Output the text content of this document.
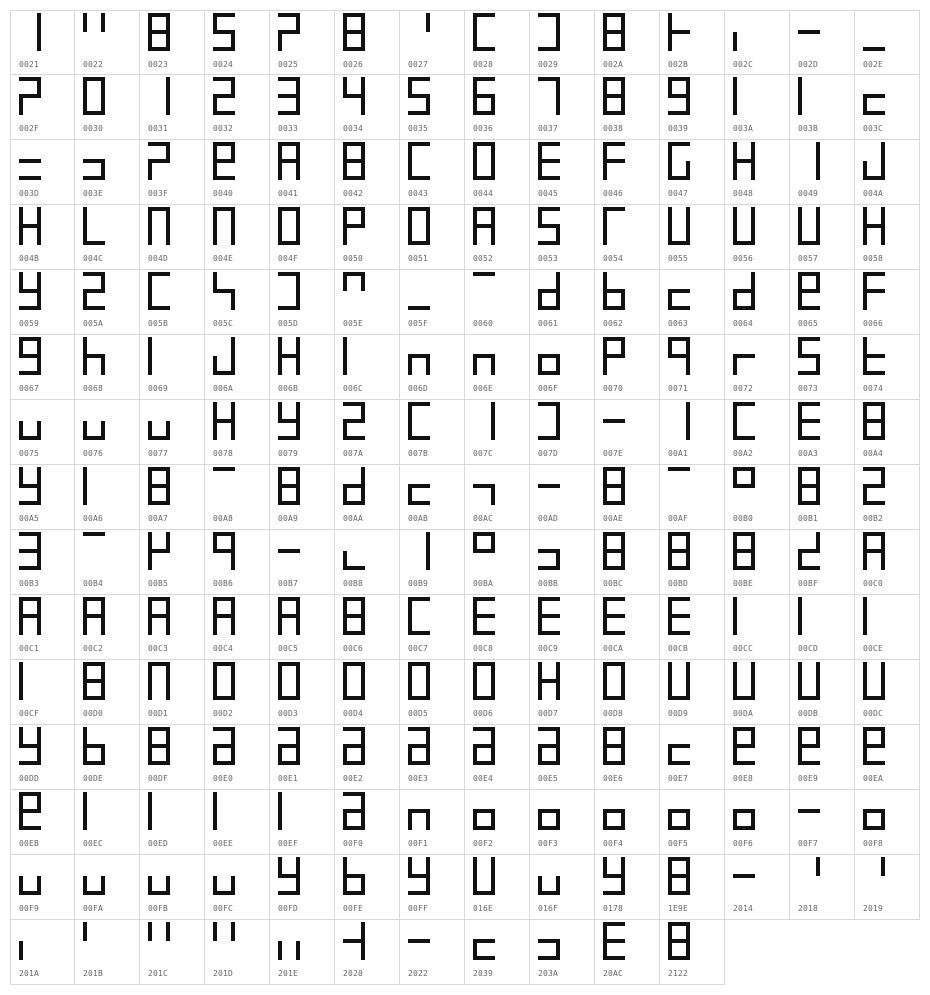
0021	0022	0023	0024	0025	0026	0027	0028	0029	002A	002B	002C	002D	002E
002F	0030	0031	0032	0033	0034	0035	0036	0037	0038	0039	003A	003B	003C
003D	003E	003F	0040	0041	0042	0043	0044	0045	0046	0047	0048	0049	004A
004B	004C	004D	004E	004F	0050	0051	0052	0053	0054	0055	0056	0057	0058
0059	005A	005B	005C	005D	005E	005F	0060	0061	0062	0063	0064	0065	0066
0067	0068	0069	006A	006B	006C	006D	006E	006F	0070	0071	0072	0073	0074
0075	0076	0077	0078	0079	007A	007B	007C	007D	007E	00A1	00A2	00A3	00A4
00A5	00A6	00A7	00A8	00A9	00AA	00AB	00AC	00AD	00AE	00AF	00B0	00B1	00B2
00B3	00B4	00B5	00B6	00B7	00B8	00B9	00BA	00BB	00BC	00BD	00BE	00BF	00C0
00C1	00C2	00C3	00C4	00C5	00C6	00C7	00C8	00C9	00CA	00CB	00CC	00CD	00CE
00CF	00D0	00D1	00D2	00D3	00D4	00D5	00D6	00D7	00D8	00D9	00DA	00DB	00DC
00DD	00DE	00DF	00E0	00E1	00E2	00E3	00E4	00E5	00E6	00E7	00E8	00E9	00EA
00EB	00EC	00ED	00EE	00EF	00F0	00F1	00F2	00F3	00F4	00F5	00F6	00F7	00F8
00F9	00FA	00FB	00FC	00FD	00FE	00FF	016E	016F	0178	1E9E	2014	2018	2019
201A	201B	201C	201D	201E	2020	2022	2039	203A	20AC	2122
